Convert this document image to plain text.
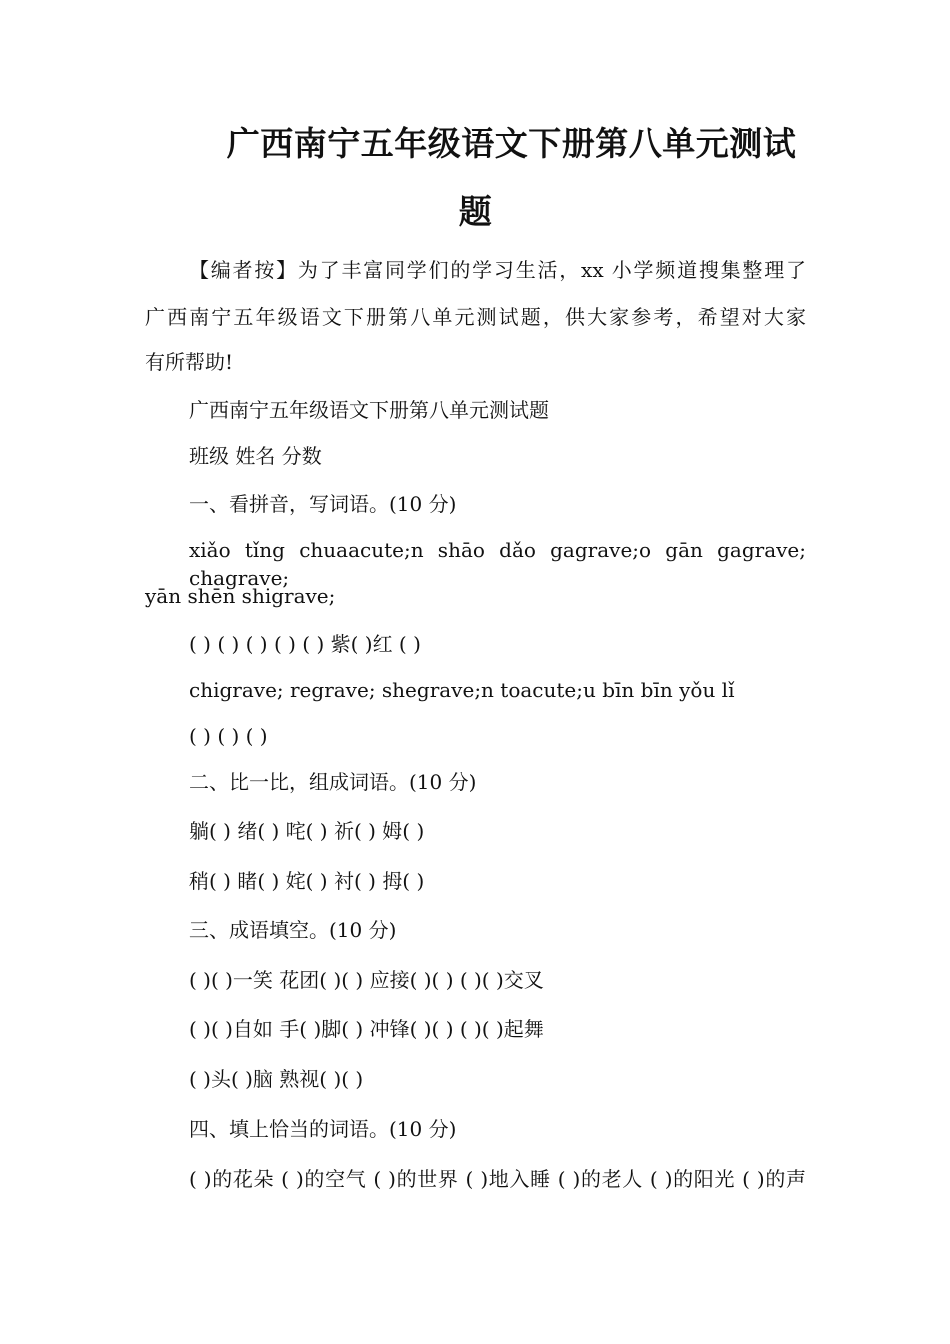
广西南宁五年级语文下册第八单元测试
题
【编者按】为了丰富同学们的学习生活，xx 小学频道搜集整理了
广西南宁五年级语文下册第八单元测试题，供大家参考，希望对大家
有所帮助!
广西南宁五年级语文下册第八单元测试题
班级 姓名 分数
一、看拼音，写词语。(10 分)
xiǎo tǐng chuaacute;n shāo dǎo gagrave;o gān gagrave; chagrave;
yān shēn shigrave;
( ) ( ) ( ) ( ) ( ) 紫( )红 ( )
chigrave; regrave; shegrave;n toacute;u bīn bīn yǒu lǐ
( ) ( ) ( )
二、比一比，组成词语。(10 分)
躺( ) 绪( ) 咤( ) 祈( ) 姆( )
稍( ) 睹( ) 姹( ) 衬( ) 拇( )
三、成语填空。(10 分)
( )( )一笑 花团( )( ) 应接( )( ) ( )( )交叉
( )( )自如 手( )脚( ) 冲锋( )( ) ( )( )起舞
( )头( )脑 熟视( )( )
四、填上恰当的词语。(10 分)
( )的花朵 ( )的空气 ( )的世界 ( )地入睡 ( )的老人 ( )的阳光 ( )的声
